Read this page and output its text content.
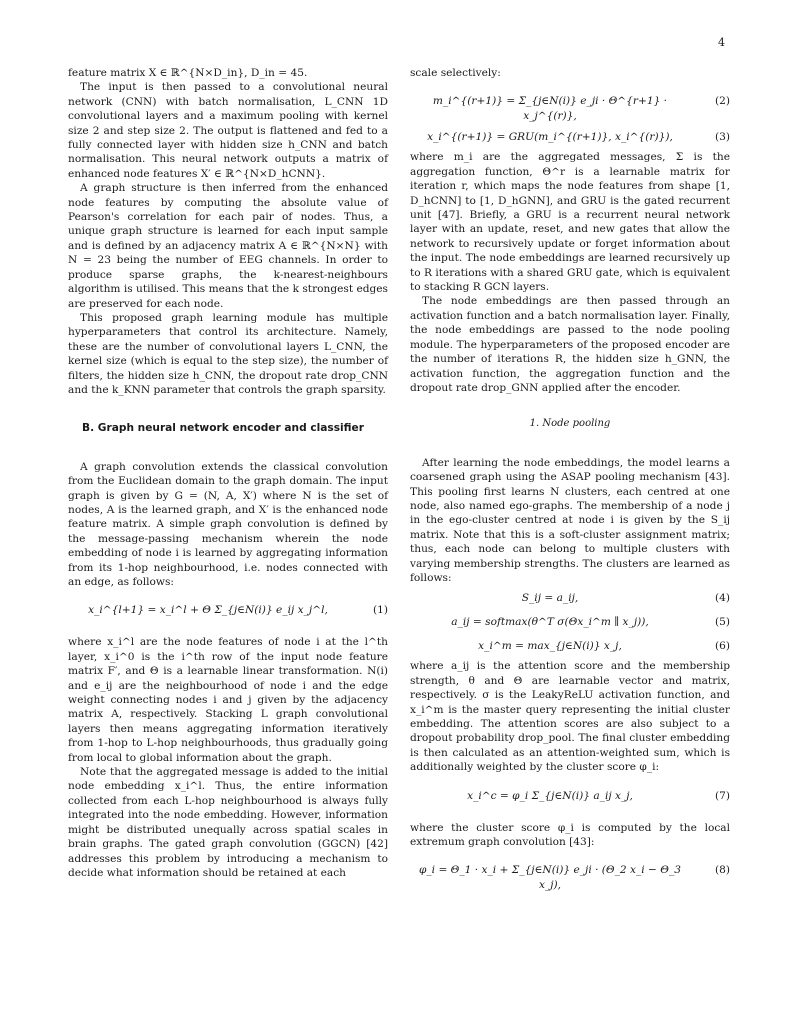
4

feature matrix X ∈ ℝ^{N×D_in}, D_in = 45.

The input is then passed to a convolutional neural network (CNN) with batch normalisation, L_CNN 1D convolutional layers and a maximum pooling with kernel size 2 and step size 2. The output is flattened and fed to a fully connected layer with hidden size h_CNN and batch normalisation. This neural network outputs a matrix of enhanced node features X′ ∈ ℝ^{N×D_hCNN}.

A graph structure is then inferred from the enhanced node features by computing the absolute value of Pearson's correlation for each pair of nodes. Thus, a unique graph structure is learned for each input sample and is defined by an adjacency matrix A ∈ ℝ^{N×N} with N = 23 being the number of EEG channels. In order to produce sparse graphs, the k-nearest-neighbours algorithm is utilised. This means that the k strongest edges are preserved for each node.

This proposed graph learning module has multiple hyperparameters that control its architecture. Namely, these are the number of convolutional layers L_CNN, the kernel size (which is equal to the step size), the number of filters, the hidden size h_CNN, the dropout rate drop_CNN and the k_KNN parameter that controls the graph sparsity.

B. Graph neural network encoder and classifier

A graph convolution extends the classical convolution from the Euclidean domain to the graph domain. The input graph is given by G = (N, A, X′) where N is the set of nodes, A is the learned graph, and X′ is the enhanced node feature matrix. A simple graph convolution is defined by the message-passing mechanism wherein the node embedding of node i is learned by aggregating information from its 1-hop neighbourhood, i.e. nodes connected with an edge, as follows:

x_i^{l+1} = x_i^l + Θ Σ_{j∈N(i)} e_ij x_j^l,	(1)

where x_i^l are the node features of node i at the l^th layer, x_i^0 is the i^th row of the input node feature matrix F′, and Θ is a learnable linear transformation. N(i) and e_ij are the neighbourhood of node i and the edge weight connecting nodes i and j given by the adjacency matrix A, respectively. Stacking L graph convolutional layers then means aggregating information iteratively from 1-hop to L-hop neighbourhoods, thus gradually going from local to global information about the graph.

Note that the aggregated message is added to the initial node embedding x_i^l. Thus, the entire information collected from each L-hop neighbourhood is always fully integrated into the node embedding. However, information might be distributed unequally across spatial scales in brain graphs. The gated graph convolution (GGCN) [42] addresses this problem by introducing a mechanism to decide what information should be retained at each

scale selectively:

m_i^{(r+1)} = Σ_{j∈N(i)} e_ji · Θ^{r+1} · x_j^{(r)},
(2)
x_i^{(r+1)} = GRU(m_i^{(r+1)}, x_i^{(r)}),	(3)

where m_i are the aggregated messages, Σ is the aggregation function, Θ^r is a learnable matrix for iteration r, which maps the node features from shape [1, D_hCNN] to [1, D_hGNN], and GRU is the gated recurrent unit [47]. Briefly, a GRU is a recurrent neural network layer with an update, reset, and new gates that allow the network to recursively update or forget information about the input. The node embeddings are learned recursively up to R iterations with a shared GRU gate, which is equivalent to stacking R GCN layers.

The node embeddings are then passed through an activation function and a batch normalisation layer. Finally, the node embeddings are passed to the node pooling module. The hyperparameters of the proposed encoder are the number of iterations R, the hidden size h_GNN, the activation function, the aggregation function and the dropout rate drop_GNN applied after the encoder.

1. Node pooling

After learning the node embeddings, the model learns a coarsened graph using the ASAP pooling mechanism [43]. This pooling first learns N clusters, each centred at one node, also named ego-graphs. The membership of a node j in the ego-cluster centred at node i is given by the S_ij matrix. Note that this is a soft-cluster assignment matrix; thus, each node can belong to multiple clusters with varying membership strengths. The clusters are learned as follows:

S_ij = a_ij,	(4)
a_ij = softmax(θ^T σ(Θx_i^m ∥ x_j)),	(5)
x_i^m = max_{j∈N(i)} x_j,	(6)

where a_ij is the attention score and the membership strength, θ and Θ are learnable vector and matrix, respectively. σ is the LeakyReLU activation function, and x_i^m is the master query representing the initial cluster embedding. The attention scores are also subject to a dropout probability drop_pool. The final cluster embedding is then calculated as an attention-weighted sum, which is additionally weighted by the cluster score φ_i:

x_i^c = φ_i Σ_{j∈N(i)} a_ij x_j,	(7)

where the cluster score φ_i is computed by the local extremum graph convolution [43]:

φ_i = Θ_1 · x_i + Σ_{j∈N(i)} e_ji · (Θ_2 x_i − Θ_3 x_j),
(8)
